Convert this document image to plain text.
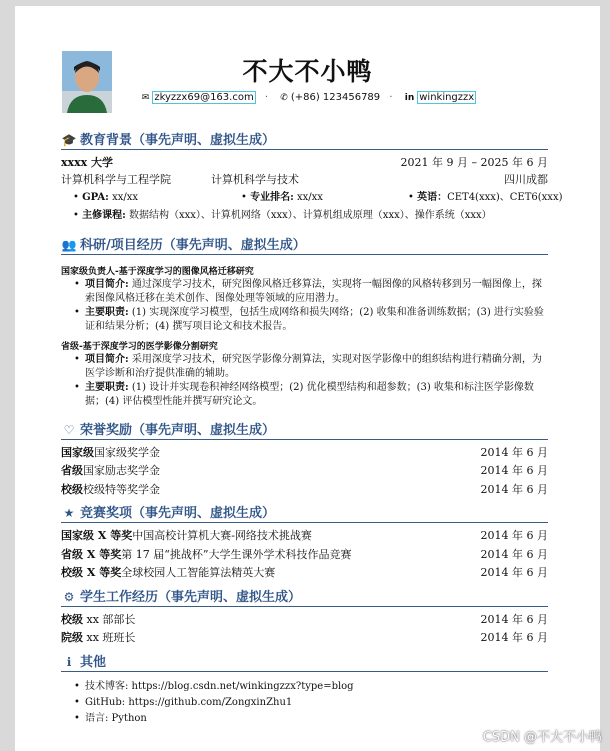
不大不小鸭
✉ zkyzzx69@163.com · ✆ (+86) 123456789 · in winkingzzx
🎓 教育背景（事先声明、虚拟生成）
xxxx 大学	2021 年 9 月 – 2025 年 6 月
计算机科学与工程学院	计算机科学与技术	四川成都
• GPA: xx/xx	• 专业排名: xx/xx	• 英语：CET4(xxx)、CET6(xxx)
• 主修课程: 数据结构（xxx）、计算机网络（xxx）、计算机组成原理（xxx）、操作系统（xxx）
👥 科研/项目经历（事先声明、虚拟生成）
国家级负责人-基于深度学习的图像风格迁移研究
• 项目简介: 通过深度学习技术，研究图像风格迁移算法，实现将一幅图像的风格转移到另一幅图像上，探索图像风格迁移在美术创作、图像处理等领域的应用潜力。
• 主要职责: (1) 实现深度学习模型，包括生成网络和损失网络；(2) 收集和准备训练数据；(3) 进行实验验证和结果分析；(4) 撰写项目论文和技术报告。
省级-基于深度学习的医学影像分割研究
• 项目简介: 采用深度学习技术，研究医学影像分割算法，实现对医学影像中的组织结构进行精确分割，为医学诊断和治疗提供准确的辅助。
• 主要职责: (1) 设计并实现卷积神经网络模型；(2) 优化模型结构和超参数；(3) 收集和标注医学影像数据；(4) 评估模型性能并撰写研究论文。
♡ 荣誉奖励（事先声明、虚拟生成）
国家级国家级奖学金	2014 年 6 月
省级国家励志奖学金	2014 年 6 月
校级校级特等奖学金	2014 年 6 月
★ 竞赛奖项（事先声明、虚拟生成）
国家级 X 等奖中国高校计算机大赛-网络技术挑战赛	2014 年 6 月
省级 X 等奖第 17 届“挑战杯”大学生课外学术科技作品竞赛	2014 年 6 月
校级 X 等奖全球校园人工智能算法精英大赛	2014 年 6 月
⚙ 学生工作经历（事先声明、虚拟生成）
校级 xx 部部长	2014 年 6 月
院级 xx 班班长	2014 年 6 月
ℹ 其他
• 技术博客: https://blog.csdn.net/winkingzzx?type=blog
• GitHub: https://github.com/ZongxinZhu1
• 语言: Python
CSDN @不大不小鸭
